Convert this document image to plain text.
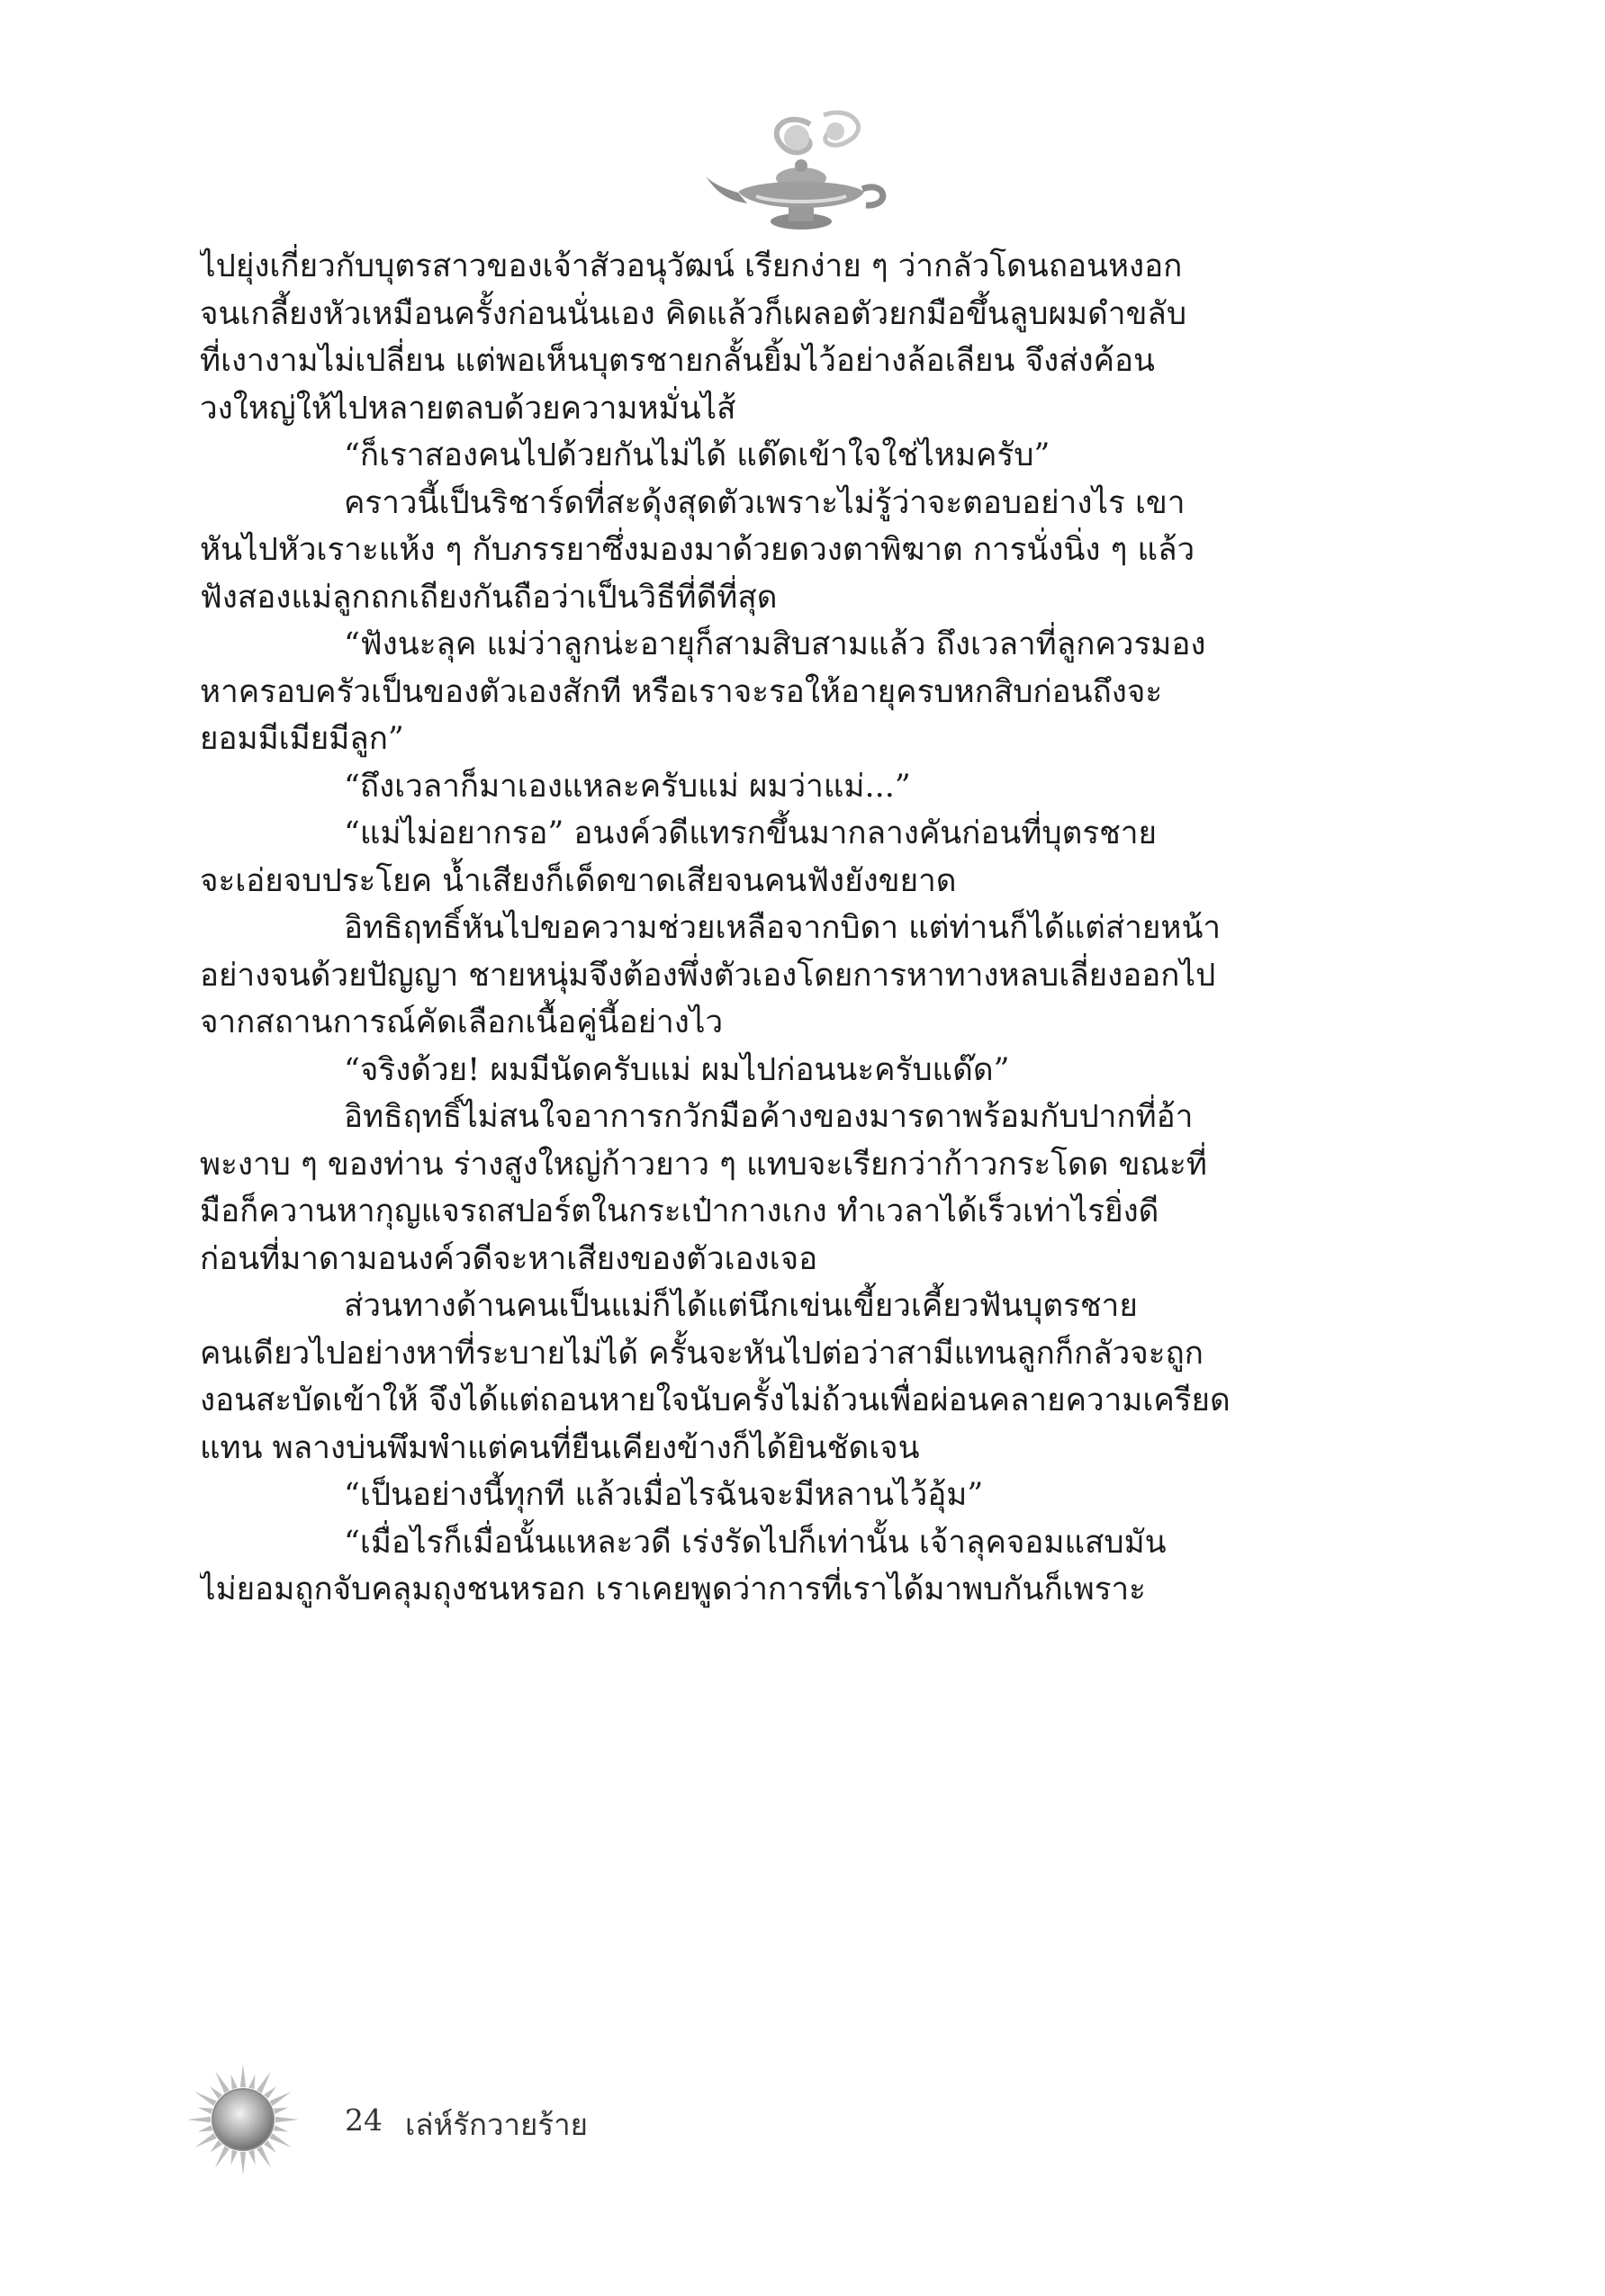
ไปยุ่งเกี่ยวกับบุตรสาวของเจ้าสัวอนุวัฒน์ เรียกง่าย ๆ ว่ากลัวโดนถอนหงอก
จนเกลี้ยงหัวเหมือนครั้งก่อนนั่นเอง คิดแล้วก็เผลอตัวยกมือขึ้นลูบผมดำขลับ
ที่เงางามไม่เปลี่ยน แต่พอเห็นบุตรชายกลั้นยิ้มไว้อย่างล้อเลียน จึงส่งค้อน
วงใหญ่ให้ไปหลายตลบด้วยความหมั่นไส้
“ก็เราสองคนไปด้วยกันไม่ได้ แด๊ดเข้าใจใช่ไหมครับ”
คราวนี้เป็นริชาร์ดที่สะดุ้งสุดตัวเพราะไม่รู้ว่าจะตอบอย่างไร เขา
หันไปหัวเราะแห้ง ๆ กับภรรยาซึ่งมองมาด้วยดวงตาพิฆาต การนั่งนิ่ง ๆ แล้ว
ฟังสองแม่ลูกถกเถียงกันถือว่าเป็นวิธีที่ดีที่สุด
“ฟังนะลุค แม่ว่าลูกน่ะอายุก็สามสิบสามแล้ว ถึงเวลาที่ลูกควรมอง
หาครอบครัวเป็นของตัวเองสักที หรือเราจะรอให้อายุครบหกสิบก่อนถึงจะ
ยอมมีเมียมีลูก”
“ถึงเวลาก็มาเองแหละครับแม่ ผมว่าแม่...”
“แม่ไม่อยากรอ” อนงค์วดีแทรกขึ้นมากลางคันก่อนที่บุตรชาย
จะเอ่ยจบประโยค น้ำเสียงก็เด็ดขาดเสียจนคนฟังยังขยาด
อิทธิฤทธิ์หันไปขอความช่วยเหลือจากบิดา แต่ท่านก็ได้แต่ส่ายหน้า
อย่างจนด้วยปัญญา ชายหนุ่มจึงต้องพึ่งตัวเองโดยการหาทางหลบเลี่ยงออกไป
จากสถานการณ์คัดเลือกเนื้อคู่นี้อย่างไว
“จริงด้วย! ผมมีนัดครับแม่ ผมไปก่อนนะครับแด๊ด”
อิทธิฤทธิ์ไม่สนใจอาการกวักมือค้างของมารดาพร้อมกับปากที่อ้า
พะงาบ ๆ ของท่าน ร่างสูงใหญ่ก้าวยาว ๆ แทบจะเรียกว่าก้าวกระโดด ขณะที่
มือก็ควานหากุญแจรถสปอร์ตในกระเป๋ากางเกง ทำเวลาได้เร็วเท่าไรยิ่งดี
ก่อนที่มาดามอนงค์วดีจะหาเสียงของตัวเองเจอ
ส่วนทางด้านคนเป็นแม่ก็ได้แต่นึกเข่นเขี้ยวเคี้ยวฟันบุตรชาย
คนเดียวไปอย่างหาที่ระบายไม่ได้ ครั้นจะหันไปต่อว่าสามีแทนลูกก็กลัวจะถูก
งอนสะบัดเข้าให้ จึงได้แต่ถอนหายใจนับครั้งไม่ถ้วนเพื่อผ่อนคลายความเครียด
แทน พลางบ่นพึมพำแต่คนที่ยืนเคียงข้างก็ได้ยินชัดเจน
“เป็นอย่างนี้ทุกที แล้วเมื่อไรฉันจะมีหลานไว้อุ้ม”
“เมื่อไรก็เมื่อนั้นแหละวดี เร่งรัดไปก็เท่านั้น เจ้าลุคจอมแสบมัน
ไม่ยอมถูกจับคลุมถุงชนหรอก เราเคยพูดว่าการที่เราได้มาพบกันก็เพราะ
24 เล่ห์รักวายร้าย
